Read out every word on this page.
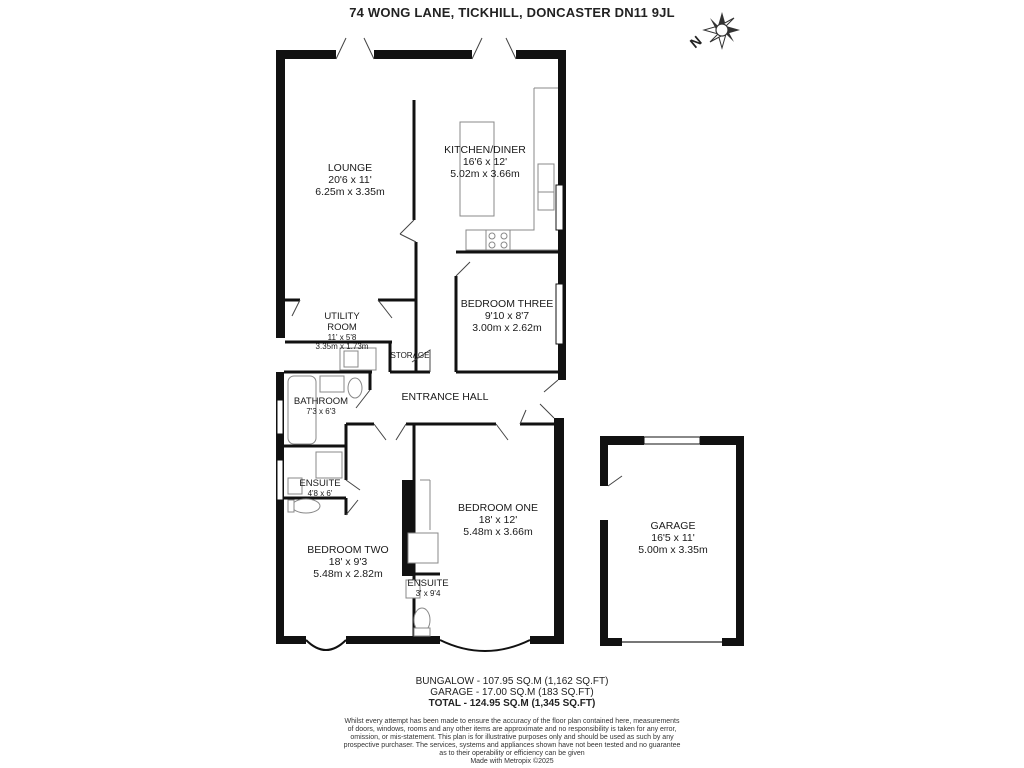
74 WONG LANE, TICKHILL, DONCASTER DN11 9JL
N
LOUNGE
20'6 x 11'
6.25m x 3.35m
KITCHEN/DINER
16'6 x 12'
5.02m x 3.66m
UTILITY
ROOM
11' x 5'8
3.35m x 1.73m
STORAGE
BEDROOM THREE
9'10 x 8'7
3.00m x 2.62m
BATHROOM
7'3 x 6'3
ENTRANCE HALL
ENSUITE
4'8 x 6'
BEDROOM ONE
18' x 12'
5.48m x 3.66m
ENSUITE
3' x 9'4
BEDROOM TWO
18' x 9'3
5.48m x 2.82m
GARAGE
16'5 x 11'
5.00m x 3.35m
BUNGALOW - 107.95 SQ.M (1,162 SQ.FT)
GARAGE - 17.00 SQ.M (183 SQ.FT)
TOTAL - 124.95 SQ.M (1,345 SQ.FT)
Whilst every attempt has been made to ensure the accuracy of the floor plan contained here, measurements
of doors, windows, rooms and any other items are approximate and no responsibility is taken for any error,
omission, or mis-statement. This plan is for illustrative purposes only and should be used as such by any
prospective purchaser. The services, systems and appliances shown have not been tested and no guarantee
as to their operability or efficiency can be given
Made with Metropix ©2025
